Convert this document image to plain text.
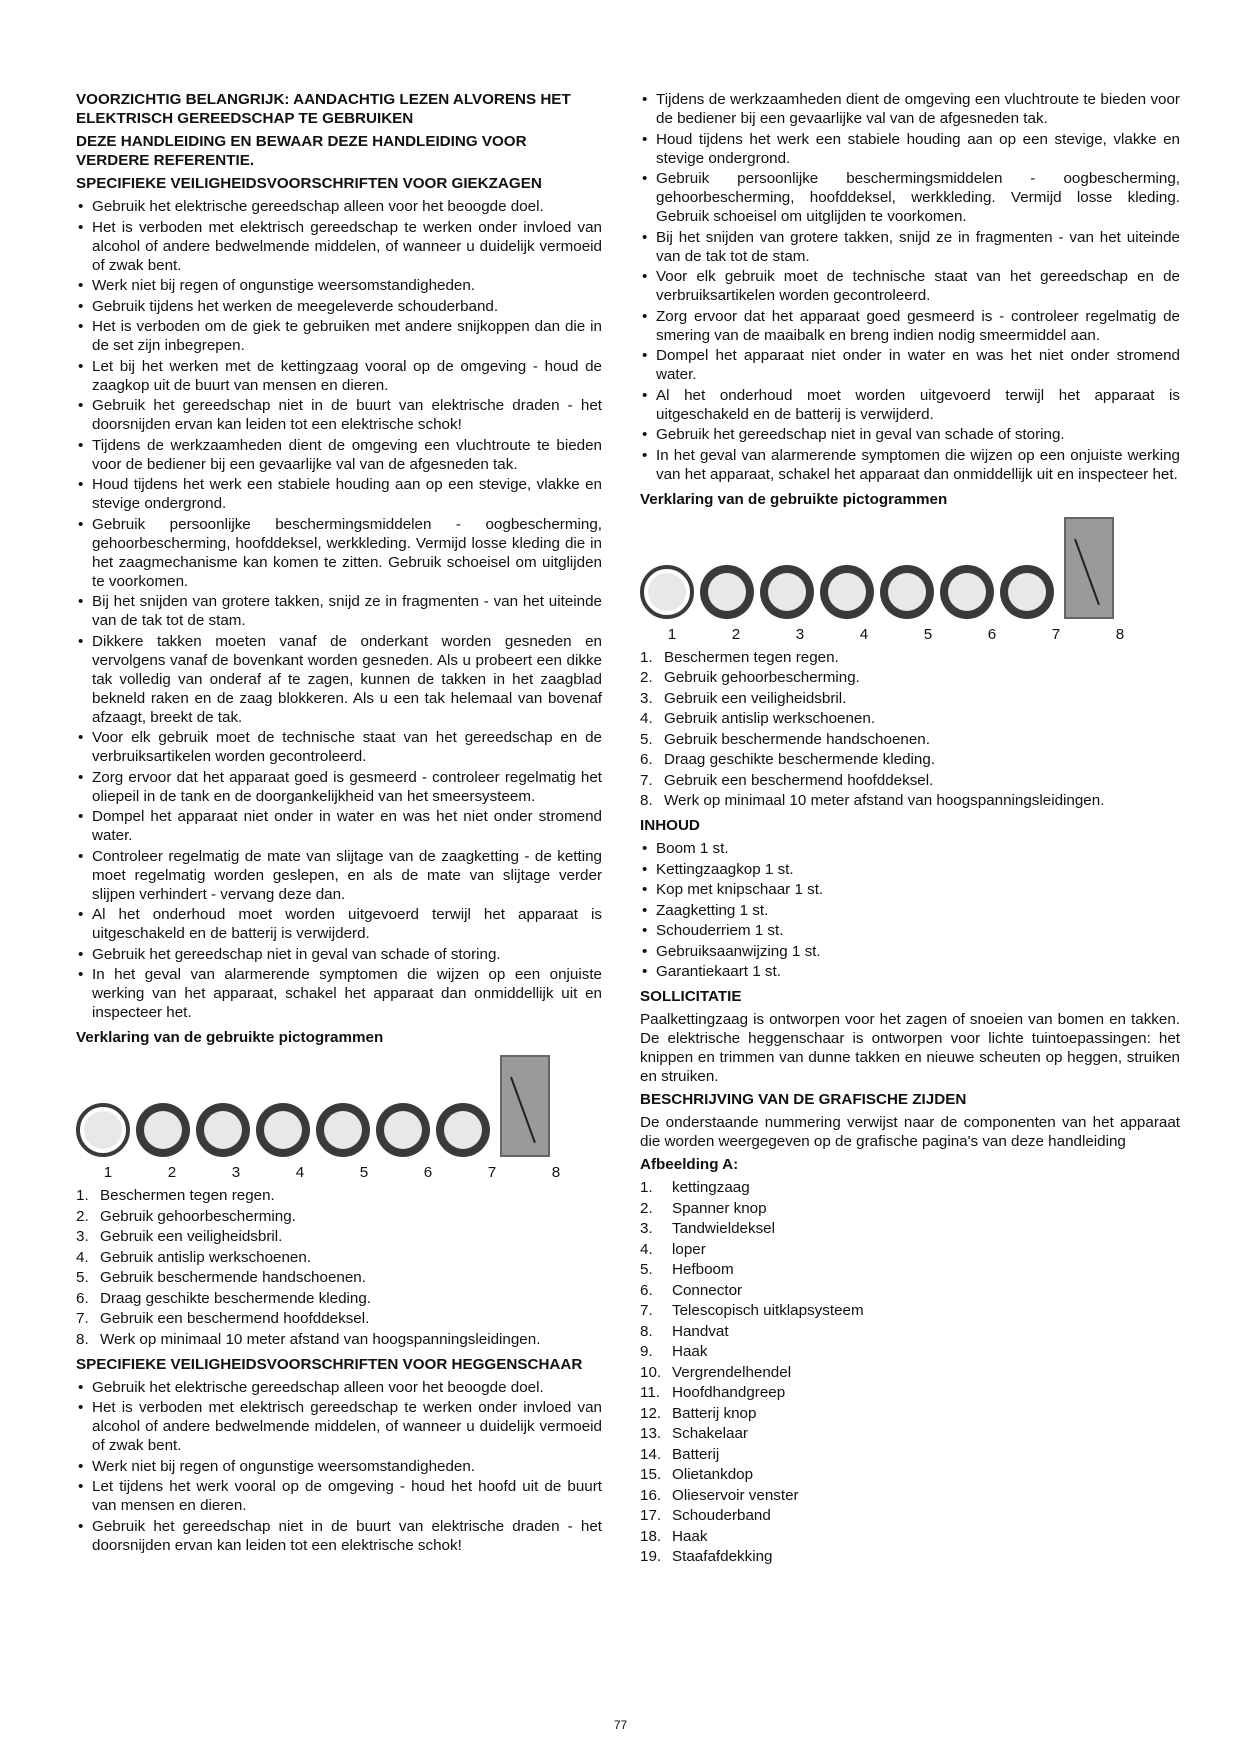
VOORZICHTIG BELANGRIJK: AANDACHTIG LEZEN ALVORENS HET ELEKTRISCH GEREEDSCHAP TE GEBRUIKEN
DEZE HANDLEIDING EN BEWAAR DEZE HANDLEIDING VOOR VERDERE REFERENTIE.
SPECIFIEKE VEILIGHEIDSVOORSCHRIFTEN VOOR GIEKZAGEN
• Gebruik het elektrische gereedschap alleen voor het beoogde doel.
• Het is verboden met elektrisch gereedschap te werken onder invloed van alcohol of andere bedwelmende middelen, of wanneer u duidelijk vermoeid of zwak bent.
• Werk niet bij regen of ongunstige weersomstandigheden.
• Gebruik tijdens het werken de meegeleverde schouderband.
• Het is verboden om de giek te gebruiken met andere snijkoppen dan die in de set zijn inbegrepen.
• Let bij het werken met de kettingzaag vooral op de omgeving - houd de zaagkop uit de buurt van mensen en dieren.
• Gebruik het gereedschap niet in de buurt van elektrische draden - het doorsnijden ervan kan leiden tot een elektrische schok!
• Tijdens de werkzaamheden dient de omgeving een vluchtroute te bieden voor de bediener bij een gevaarlijke val van de afgesneden tak.
• Houd tijdens het werk een stabiele houding aan op een stevige, vlakke en stevige ondergrond.
• Gebruik persoonlijke beschermingsmiddelen - oogbescherming, gehoorbescherming, hoofddeksel, werkkleding. Vermijd losse kleding die in het zaagmechanisme kan komen te zitten. Gebruik schoeisel om uitglijden te voorkomen.
• Bij het snijden van grotere takken, snijd ze in fragmenten - van het uiteinde van de tak tot de stam.
• Dikkere takken moeten vanaf de onderkant worden gesneden en vervolgens vanaf de bovenkant worden gesneden. Als u probeert een dikke tak volledig van onderaf af te zagen, kunnen de takken in het zaagblad bekneld raken en de zaag blokkeren. Als u een tak helemaal van bovenaf afzaagt, breekt de tak.
• Voor elk gebruik moet de technische staat van het gereedschap en de verbruiksartikelen worden gecontroleerd.
• Zorg ervoor dat het apparaat goed is gesmeerd - controleer regelmatig het oliepeil in de tank en de doorgankelijkheid van het smeersysteem.
• Dompel het apparaat niet onder in water en was het niet onder stromend water.
• Controleer regelmatig de mate van slijtage van de zaagketting - de ketting moet regelmatig worden geslepen, en als de mate van slijtage verder slijpen verhindert - vervang deze dan.
• Al het onderhoud moet worden uitgevoerd terwijl het apparaat is uitgeschakeld en de batterij is verwijderd.
• Gebruik het gereedschap niet in geval van schade of storing.
• In het geval van alarmerende symptomen die wijzen op een onjuiste werking van het apparaat, schakel het apparaat dan onmiddellijk uit en inspecteer het.
Verklaring van de gebruikte pictogrammen
1	2	3	4	5	6	7	8
1. Beschermen tegen regen.
2. Gebruik gehoorbescherming.
3. Gebruik een veiligheidsbril.
4. Gebruik antislip werkschoenen.
5. Gebruik beschermende handschoenen.
6. Draag geschikte beschermende kleding.
7. Gebruik een beschermend hoofddeksel.
8. Werk op minimaal 10 meter afstand van hoogspanningsleidingen.
SPECIFIEKE VEILIGHEIDSVOORSCHRIFTEN VOOR HEGGENSCHAAR
• Gebruik het elektrische gereedschap alleen voor het beoogde doel.
• Het is verboden met elektrisch gereedschap te werken onder invloed van alcohol of andere bedwelmende middelen, of wanneer u duidelijk vermoeid of zwak bent.
• Werk niet bij regen of ongunstige weersomstandigheden.
• Let tijdens het werk vooral op de omgeving - houd het hoofd uit de buurt van mensen en dieren.
• Gebruik het gereedschap niet in de buurt van elektrische draden - het doorsnijden ervan kan leiden tot een elektrische schok!
• Tijdens de werkzaamheden dient de omgeving een vluchtroute te bieden voor de bediener bij een gevaarlijke val van de afgesneden tak.
• Houd tijdens het werk een stabiele houding aan op een stevige, vlakke en stevige ondergrond.
• Gebruik persoonlijke beschermingsmiddelen - oogbescherming, gehoorbescherming, hoofddeksel, werkkleding. Vermijd losse kleding. Gebruik schoeisel om uitglijden te voorkomen.
• Bij het snijden van grotere takken, snijd ze in fragmenten - van het uiteinde van de tak tot de stam.
• Voor elk gebruik moet de technische staat van het gereedschap en de verbruiksartikelen worden gecontroleerd.
• Zorg ervoor dat het apparaat goed gesmeerd is - controleer regelmatig de smering van de maaibalk en breng indien nodig smeermiddel aan.
• Dompel het apparaat niet onder in water en was het niet onder stromend water.
• Al het onderhoud moet worden uitgevoerd terwijl het apparaat is uitgeschakeld en de batterij is verwijderd.
• Gebruik het gereedschap niet in geval van schade of storing.
• In het geval van alarmerende symptomen die wijzen op een onjuiste werking van het apparaat, schakel het apparaat dan onmiddellijk uit en inspecteer het.
Verklaring van de gebruikte pictogrammen
1	2	3	4	5	6	7	8
1. Beschermen tegen regen.
2. Gebruik gehoorbescherming.
3. Gebruik een veiligheidsbril.
4. Gebruik antislip werkschoenen.
5. Gebruik beschermende handschoenen.
6. Draag geschikte beschermende kleding.
7. Gebruik een beschermend hoofddeksel.
8. Werk op minimaal 10 meter afstand van hoogspanningsleidingen.
INHOUD
• Boom 1 st.
• Kettingzaagkop 1 st.
• Kop met knipschaar 1 st.
• Zaagketting 1 st.
• Schouderriem 1 st.
• Gebruiksaanwijzing 1 st.
• Garantiekaart 1 st.
SOLLICITATIE

Paalkettingzaag is ontworpen voor het zagen of snoeien van bomen en takken. De elektrische heggenschaar is ontworpen voor lichte tuintoepassingen: het knippen en trimmen van dunne takken en nieuwe scheuten op heggen, struiken en struiken.

BESCHRIJVING VAN DE GRAFISCHE ZIJDEN

De onderstaande nummering verwijst naar de componenten van het apparaat die worden weergegeven op de grafische pagina's van deze handleiding

Afbeelding A:
1.	kettingzaag
2.	Spanner knop
3.	Tandwieldeksel
4.	loper
5.	Hefboom
6.	Connector
7.	Telescopisch uitklapsysteem
8.	Handvat
9.	Haak
10. Vergrendelhendel
11. Hoofdhandgreep
12. Batterij knop
13. Schakelaar
14. Batterij
15. Olietankdop
16. Olieservoir venster
17. Schouderband
18. Haak
19. Staafafdekking
77
